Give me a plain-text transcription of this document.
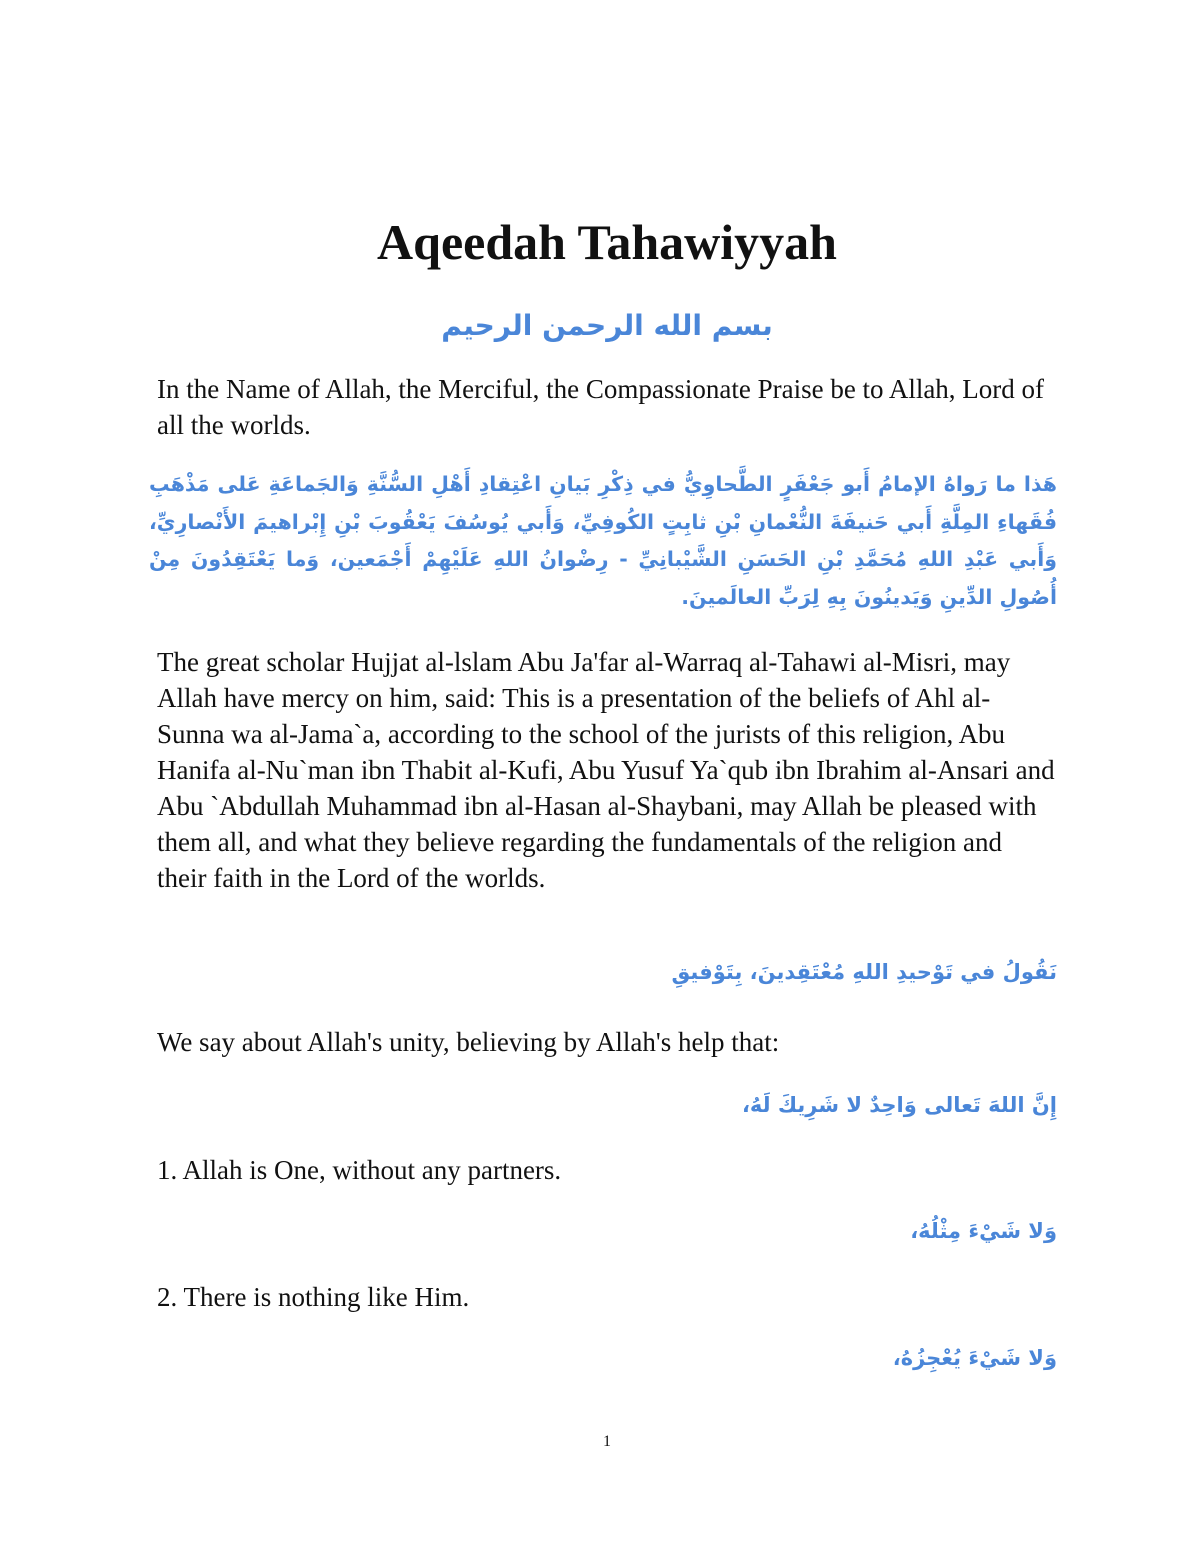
Aqeedah Tahawiyyah

بسم الله الرحمن الرحيم

In the Name of Allah, the Merciful, the Compassionate Praise be to Allah, Lord of all the worlds.

هَذا ما رَواهُ الإمامُ أَبو جَعْفَرٍ الطَّحاوِيُّ في ذِكْرِ بَيانِ اعْتِقادِ أَهْلِ السُّنَّةِ وَالجَماعَةِ عَلى مَذْهَبِ فُقَهاءِ المِلَّةِ أَبي حَنيفَةَ النُّعْمانِ بْنِ ثابِتٍ الكُوفِيِّ، وَأَبي يُوسُفَ يَعْقُوبَ بْنِ إِبْراهيمَ الأَنْصارِيِّ، وَأَبي عَبْدِ اللهِ مُحَمَّدِ بْنِ الحَسَنِ الشَّيْبانِيِّ - رِضْوانُ اللهِ عَلَيْهِمْ أَجْمَعين، وَما يَعْتَقِدُونَ مِنْ أُصُولِ الدِّينِ وَيَدينُونَ بِهِ لِرَبِّ العالَمينَ.

The great scholar Hujjat al-lslam Abu Ja'far al-Warraq al-Tahawi al-Misri, may Allah have mercy on him, said: This is a presentation of the beliefs of Ahl al-Sunna wa al-Jama`a, according to the school of the jurists of this religion, Abu Hanifa al-Nu`man ibn Thabit al-Kufi, Abu Yusuf Ya`qub ibn Ibrahim al-Ansari and Abu `Abdullah Muhammad ibn al-Hasan al-Shaybani, may Allah be pleased with them all, and what they believe regarding the fundamentals of the religion and their faith in the Lord of the worlds.

نَقُولُ في تَوْحيدِ اللهِ مُعْتَقِدينَ، بِتَوْفيقِ

We say about Allah's unity, believing by Allah's help that:

إِنَّ اللهَ تَعالى وَاحِدٌ لا شَرِيكَ لَهُ،

1. Allah is One, without any partners.

وَلا شَيْءَ مِثْلُهُ،

2. There is nothing like Him.

وَلا شَيْءَ يُعْجِزُهُ،

1
